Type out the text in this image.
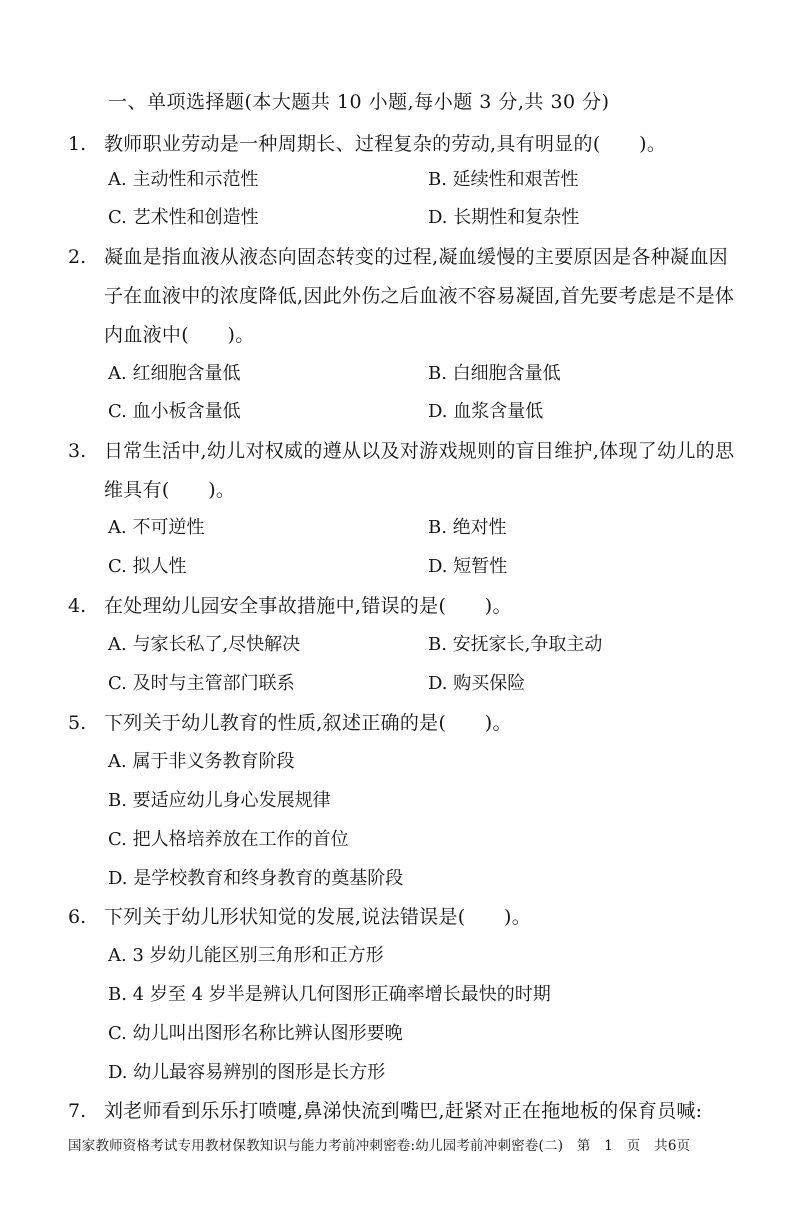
一、单项选择题(本大题共 10 小题,每小题 3 分,共 30 分)
1. 教师职业劳动是一种周期长、过程复杂的劳动,具有明显的(　　)。
A. 主动性和示范性	B. 延续性和艰苦性
C. 艺术性和创造性	D. 长期性和复杂性
2. 凝血是指血液从液态向固态转变的过程,凝血缓慢的主要原因是各种凝血因
子在血液中的浓度降低,因此外伤之后血液不容易凝固,首先要考虑是不是体
内血液中(　　)。
A. 红细胞含量低	B. 白细胞含量低
C. 血小板含量低	D. 血浆含量低
3. 日常生活中,幼儿对权威的遵从以及对游戏规则的盲目维护,体现了幼儿的思
维具有(　　)。
A. 不可逆性	B. 绝对性
C. 拟人性	D. 短暂性
4. 在处理幼儿园安全事故措施中,错误的是(　　)。
A. 与家长私了,尽快解决	B. 安抚家长,争取主动
C. 及时与主管部门联系	D. 购买保险
5. 下列关于幼儿教育的性质,叙述正确的是(　　)。
A. 属于非义务教育阶段
B. 要适应幼儿身心发展规律
C. 把人格培养放在工作的首位
D. 是学校教育和终身教育的奠基阶段
6. 下列关于幼儿形状知觉的发展,说法错误是(　　)。
A. 3 岁幼儿能区别三角形和正方形
B. 4 岁至 4 岁半是辨认几何图形正确率增长最快的时期
C. 幼儿叫出图形名称比辨认图形要晚
D. 幼儿最容易辨别的图形是长方形
7. 刘老师看到乐乐打喷嚏,鼻涕快流到嘴巴,赶紧对正在拖地板的保育员喊:
国家教师资格考试专用教材保教知识与能力考前冲刺密卷:幼儿园考前冲刺密卷(二)　第　1　页　共6页
